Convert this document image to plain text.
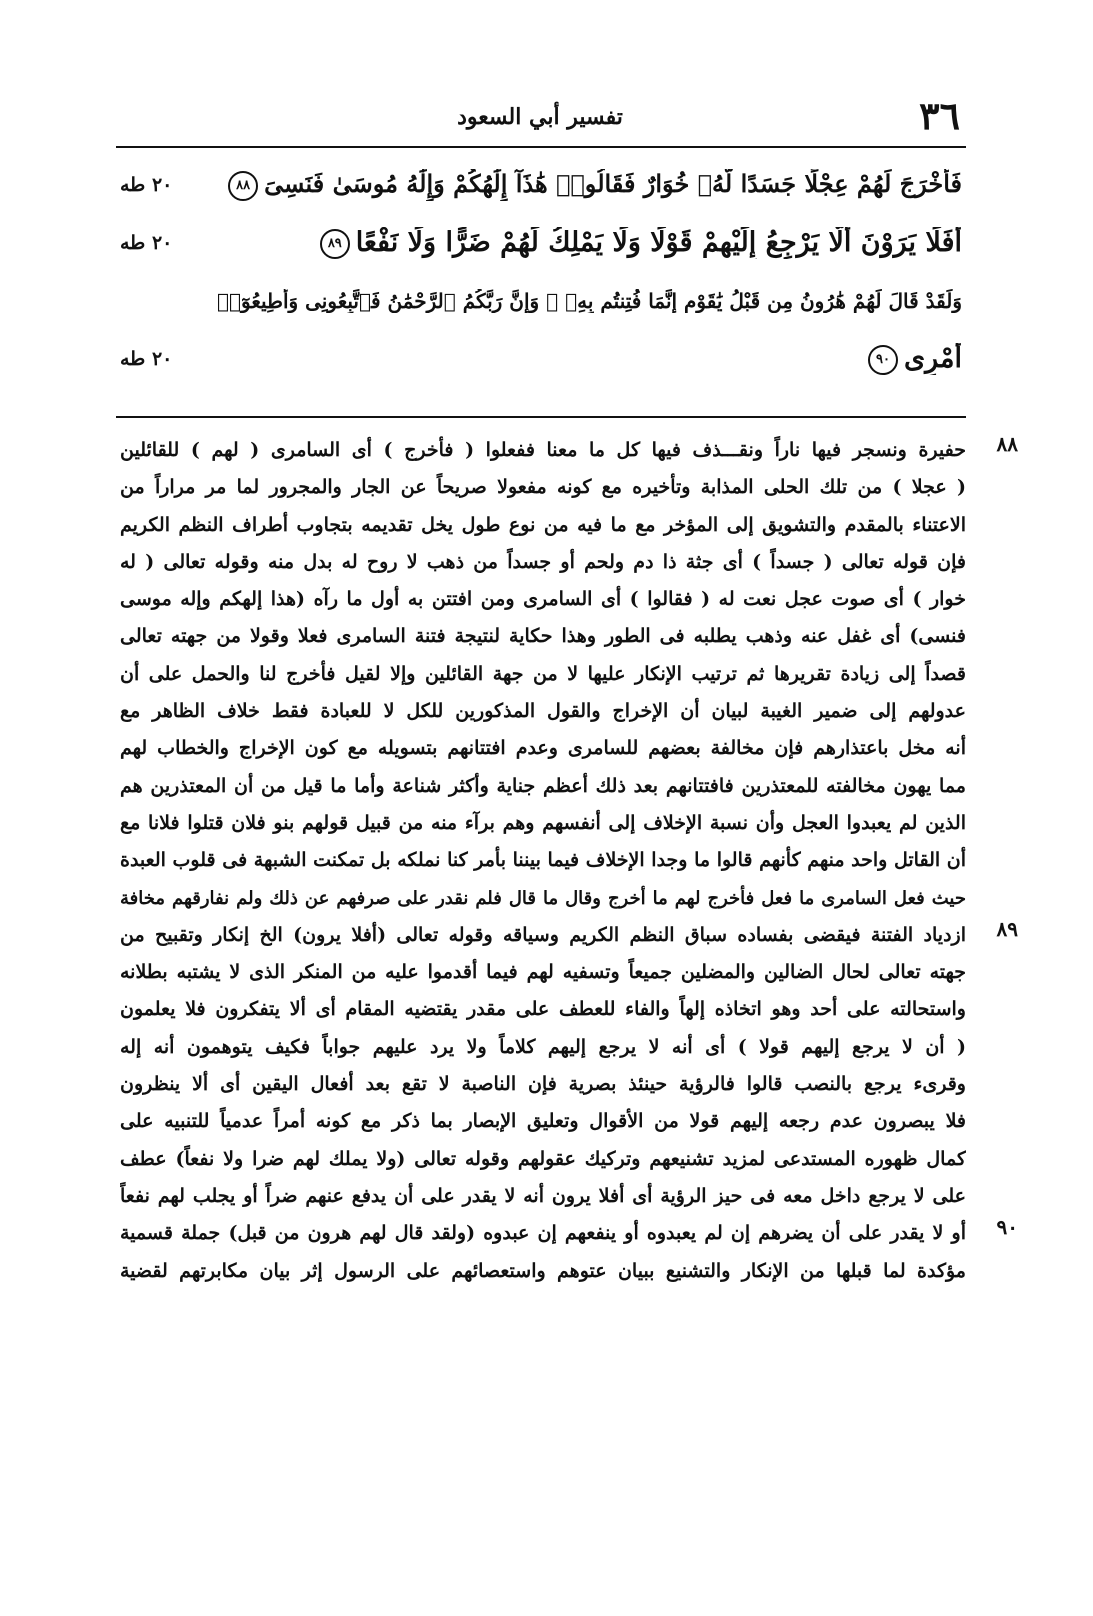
٣٦
تفسير أبي السعود
فَأَخْرَجَ لَهُمْ عِجْلًا جَسَدًا لَّهُۥ خُوَارٌ فَقَالُوا۟ هَٰذَآ إِلَٰهُكُمْ وَإِلَٰهُ مُوسَىٰ فَنَسِىَ٨٨
٢٠ طه
أَفَلَا يَرَوْنَ أَلَّا يَرْجِعُ إِلَيْهِمْ قَوْلًا وَلَا يَمْلِكُ لَهُمْ ضَرًّا وَلَا نَفْعًا٨٩
٢٠ طه
وَلَقَدْ قَالَ لَهُمْ هَٰرُونُ مِن قَبْلُ يَٰقَوْمِ إِنَّمَا فُتِنتُم بِهِۦ ۖ وَإِنَّ رَبَّكُمُ ٱلرَّحْمَٰنُ فَٱتَّبِعُونِى وَأَطِيعُوٓا۟
أَمْرِى٩٠
٢٠ طه
٨٨
حفيرة ونسجر فيها ناراً ونقـــذف فيها كل ما معنا ففعلوا ( فأخرج ) أى السامرى ( لهم ) للقائلين
( عجلا ) من تلك الحلى المذابة وتأخيره مع كونه مفعولا صريحاً عن الجار والمجرور لما مر مراراً من
الاعتناء بالمقدم والتشويق إلى المؤخر مع ما فيه من نوع طول يخل تقديمه بتجاوب أطراف النظم الكريم
فإن قوله تعالى ( جسداً ) أى جثة ذا دم ولحم أو جسداً من ذهب لا روح له بدل منه وقوله تعالى ( له
خوار ) أى صوت عجل نعت له ( فقالوا ) أى السامرى ومن افتتن به أول ما رآه (هذا إلهكم وإله موسى
فنسى) أى غفل عنه وذهب يطلبه فى الطور وهذا حكاية لنتيجة فتنة السامرى فعلا وقولا من جهته تعالى
قصداً إلى زيادة تقريرها ثم ترتيب الإنكار عليها لا من جهة القائلين وإلا لقيل فأخرج لنا والحمل على أن
عدولهم إلى ضمير الغيبة لبيان أن الإخراج والقول المذكورين للكل لا للعبادة فقط خلاف الظاهر مع
أنه مخل باعتذارهم فإن مخالفة بعضهم للسامرى وعدم افتتانهم بتسويله مع كون الإخراج والخطاب لهم
مما يهون مخالفته للمعتذرين فافتتانهم بعد ذلك أعظم جناية وأكثر شناعة وأما ما قيل من أن المعتذرين هم
الذين لم يعبدوا العجل وأن نسبة الإخلاف إلى أنفسهم وهم برآء منه من قبيل قولهم بنو فلان قتلوا فلانا مع
أن القاتل واحد منهم كأنهم قالوا ما وجدا الإخلاف فيما بيننا بأمر كنا نملكه بل تمكنت الشبهة فى قلوب العبدة
حيث فعل السامرى ما فعل فأخرج لهم ما أخرج وقال ما قال فلم نقدر على صرفهم عن ذلك ولم نفارقهم مخافة
٨٩
ازدياد الفتنة فيقضى بفساده سباق النظم الكريم وسياقه وقوله تعالى (أفلا يرون) الخ إنكار وتقبيح من
جهته تعالى لحال الضالين والمضلين جميعاً وتسفيه لهم فيما أقدموا عليه من المنكر الذى لا يشتبه بطلانه
واستحالته على أحد وهو اتخاذه إلهاً والفاء للعطف على مقدر يقتضيه المقام أى ألا يتفكرون فلا يعلمون
( أن لا يرجع إليهم قولا ) أى أنه لا يرجع إليهم كلاماً ولا يرد عليهم جواباً فكيف يتوهمون أنه إله
وقرىء يرجع بالنصب قالوا فالرؤية حينئذ بصرية فإن الناصبة لا تقع بعد أفعال اليقين أى ألا ينظرون
فلا يبصرون عدم رجعه إليهم قولا من الأقوال وتعليق الإبصار بما ذكر مع كونه أمراً عدمياً للتنبيه على
كمال ظهوره المستدعى لمزيد تشنيعهم وتركيك عقولهم وقوله تعالى (ولا يملك لهم ضرا ولا نفعاً) عطف
على لا يرجع داخل معه فى حيز الرؤية أى أفلا يرون أنه لا يقدر على أن يدفع عنهم ضراً أو يجلب لهم نفعاً
٩٠
أو لا يقدر على أن يضرهم إن لم يعبدوه أو ينفعهم إن عبدوه (ولقد قال لهم هرون من قبل) جملة قسمية
مؤكدة لما قبلها من الإنكار والتشنيع ببيان عتوهم واستعصائهم على الرسول إثر بيان مكابرتهم لقضية
